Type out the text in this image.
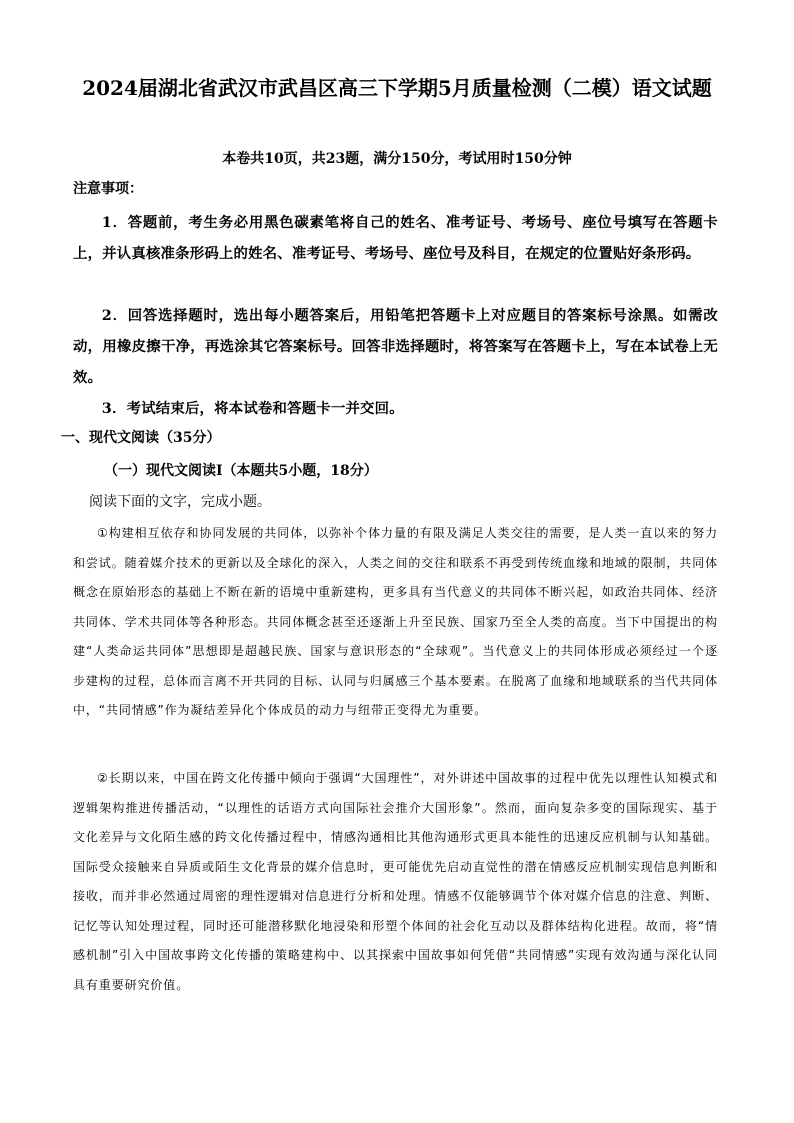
2024届湖北省武汉市武昌区高三下学期5月质量检测（二模）语文试题

本卷共10页，共23题，满分150分，考试用时150分钟

注意事项：

1．答题前，考生务必用黑色碳素笔将自己的姓名、准考证号、考场号、座位号填写在答题卡上，并认真核准条形码上的姓名、准考证号、考场号、座位号及科目，在规定的位置贴好条形码。

2．回答选择题时，选出每小题答案后，用铅笔把答题卡上对应题目的答案标号涂黑。如需改动，用橡皮擦干净，再选涂其它答案标号。回答非选择题时，将答案写在答题卡上，写在本试卷上无效。

3．考试结束后，将本试卷和答题卡一并交回。

一、现代文阅读（35分）

（一）现代文阅读Ⅰ（本题共5小题，18分）

阅读下面的文字，完成小题。

①构建相互依存和协同发展的共同体，以弥补个体力量的有限及满足人类交往的需要，是人类一直以来的努力和尝试。随着媒介技术的更新以及全球化的深入，人类之间的交往和联系不再受到传统血缘和地域的限制，共同体概念在原始形态的基础上不断在新的语境中重新建构，更多具有当代意义的共同体不断兴起，如政治共同体、经济共同体、学术共同体等各种形态。共同体概念甚至还逐渐上升至民族、国家乃至全人类的高度。当下中国提出的构建“人类命运共同体”思想即是超越民族、国家与意识形态的“全球观”。当代意义上的共同体形成必须经过一个逐步建构的过程，总体而言离不开共同的目标、认同与归属感三个基本要素。在脱离了血缘和地域联系的当代共同体中，“共同情感”作为凝结差异化个体成员的动力与纽带正变得尤为重要。

②长期以来，中国在跨文化传播中倾向于强调“大国理性”，对外讲述中国故事的过程中优先以理性认知模式和逻辑架构推进传播活动，“以理性的话语方式向国际社会推介大国形象”。然而，面向复杂多变的国际现实、基于文化差异与文化陌生感的跨文化传播过程中，情感沟通相比其他沟通形式更具本能性的迅速反应机制与认知基础。国际受众接触来自异质或陌生文化背景的媒介信息时，更可能优先启动直觉性的潜在情感反应机制实现信息判断和接收，而并非必然通过周密的理性逻辑对信息进行分析和处理。情感不仅能够调节个体对媒介信息的注意、判断、记忆等认知处理过程，同时还可能潜移默化地浸染和形塑个体间的社会化互动以及群体结构化进程。故而，将“情感机制”引入中国故事跨文化传播的策略建构中、以其探索中国故事如何凭借“共同情感”实现有效沟通与深化认同具有重要研究价值。
